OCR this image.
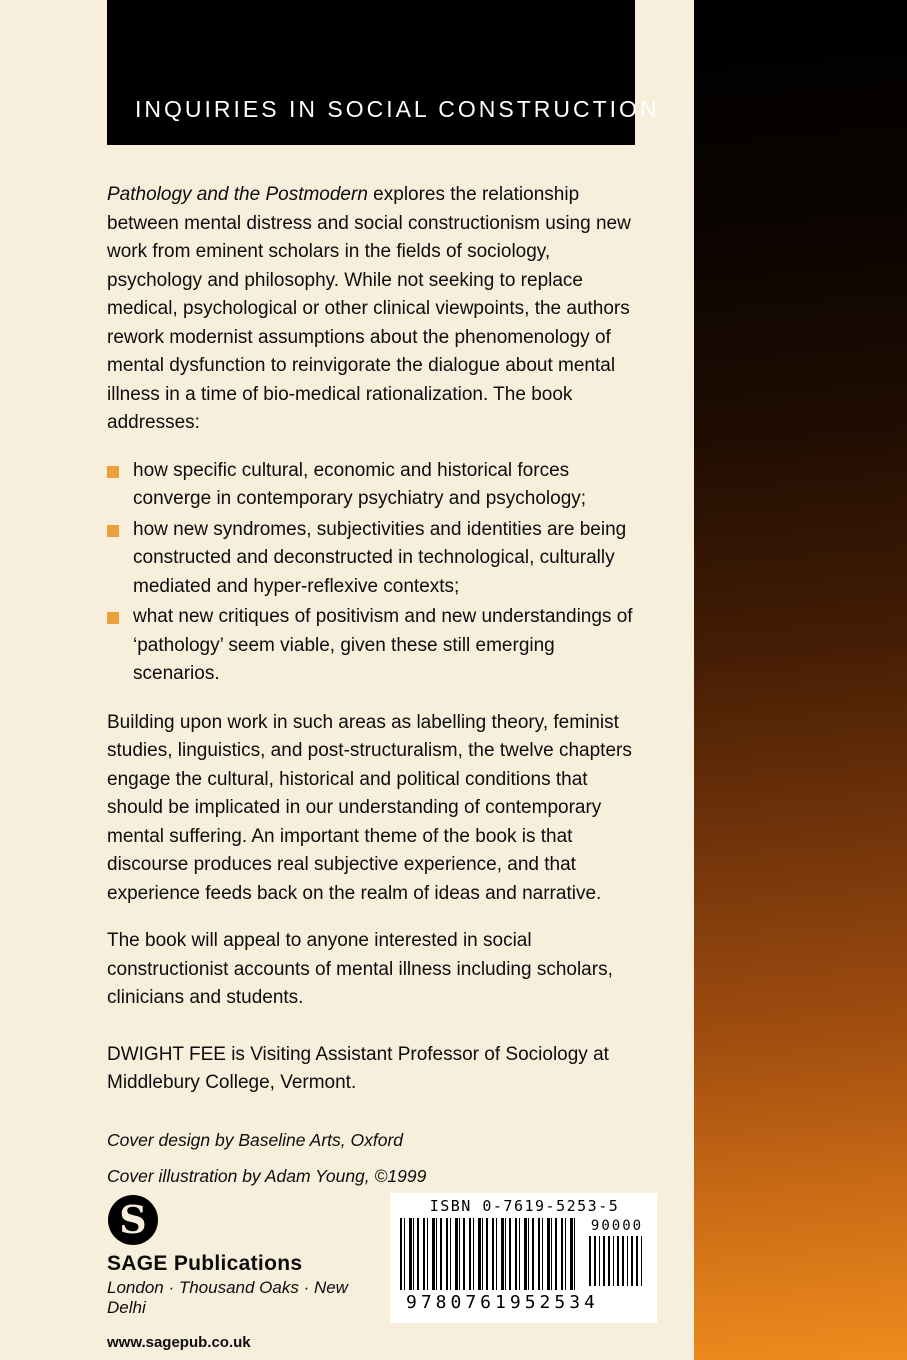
INQUIRIES IN SOCIAL CONSTRUCTION

Pathology and the Postmodern explores the relationship between mental distress and social constructionism using new work from eminent scholars in the fields of sociology, psychology and philosophy. While not seeking to replace medical, psychological or other clinical viewpoints, the authors rework modernist assumptions about the phenomenology of mental dysfunction to reinvigorate the dialogue about mental illness in a time of bio-medical rationalization. The book addresses:

how specific cultural, economic and historical forces converge in contemporary psychiatry and psychology;
how new syndromes, subjectivities and identities are being constructed and deconstructed in technological, culturally mediated and hyper-reflexive contexts;
what new critiques of positivism and new understandings of ‘pathology’ seem viable, given these still emerging scenarios.

Building upon work in such areas as labelling theory, feminist studies, linguistics, and post-structuralism, the twelve chapters engage the cultural, historical and political conditions that should be implicated in our understanding of contemporary mental suffering. An important theme of the book is that discourse produces real subjective experience, and that experience feeds back on the realm of ideas and narrative.

The book will appeal to anyone interested in social constructionist accounts of mental illness including scholars, clinicians and students.

DWIGHT FEE is Visiting Assistant Professor of Sociology at Middlebury College, Vermont.

Cover design by Baseline Arts, Oxford

Cover illustration by Adam Young, ©1999

S
SAGE Publications
London · Thousand Oaks · New Delhi
www.sagepub.co.uk
ISBN 0-7619-5253-5
90000
9780761952534
